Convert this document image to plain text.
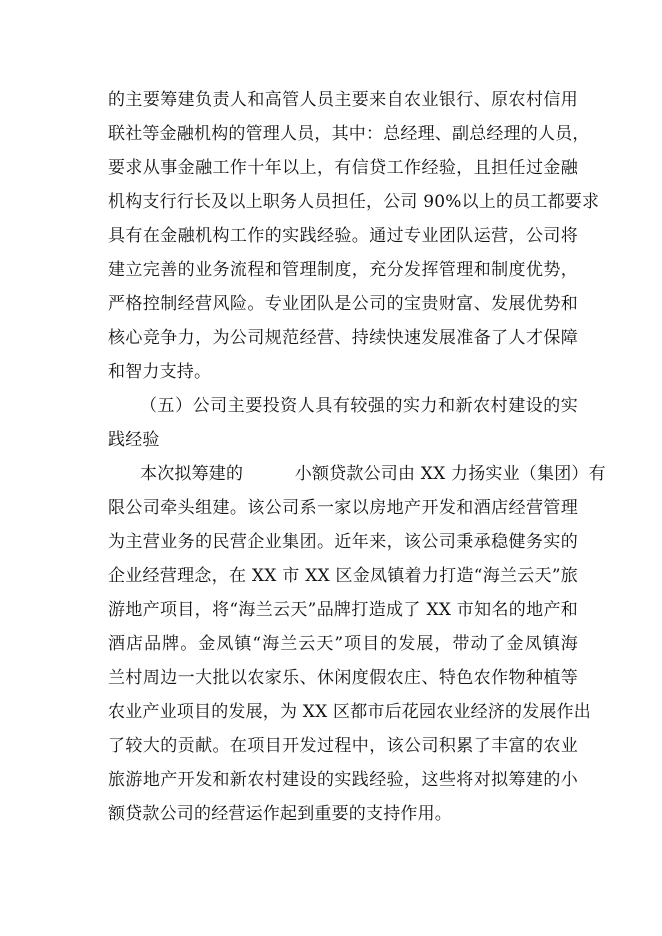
的主要筹建负责人和高管人员主要来自农业银行、原农村信用
联社等金融机构的管理人员，其中：总经理、副总经理的人员，
要求从事金融工作十年以上，有信贷工作经验，且担任过金融
机构支行行长及以上职务人员担任，公司 90%以上的员工都要求
具有在金融机构工作的实践经验。通过专业团队运营，公司将
建立完善的业务流程和管理制度，充分发挥管理和制度优势，
严格控制经营风险。专业团队是公司的宝贵财富、发展优势和
核心竞争力，为公司规范经营、持续快速发展准备了人才保障
和智力支持。
（五）公司主要投资人具有较强的实力和新农村建设的实
践经验
本次拟筹建的　　　小额贷款公司由 XX 力扬实业（集团）有
限公司牵头组建。该公司系一家以房地产开发和酒店经营管理
为主营业务的民营企业集团。近年来，该公司秉承稳健务实的
企业经营理念，在 XX 市 XX 区金凤镇着力打造“海兰云天”旅
游地产项目，将“海兰云天”品牌打造成了 XX 市知名的地产和
酒店品牌。金凤镇“海兰云天”项目的发展，带动了金凤镇海
兰村周边一大批以农家乐、休闲度假农庄、特色农作物种植等
农业产业项目的发展，为 XX 区都市后花园农业经济的发展作出
了较大的贡献。在项目开发过程中，该公司积累了丰富的农业
旅游地产开发和新农村建设的实践经验，这些将对拟筹建的小
额贷款公司的经营运作起到重要的支持作用。
